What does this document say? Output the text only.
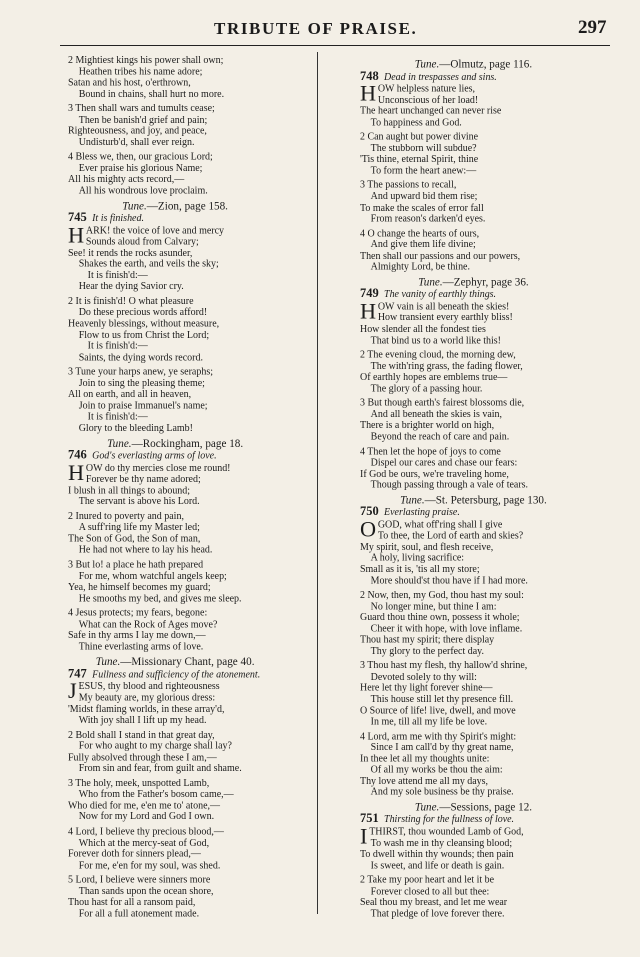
TRIBUTE OF PRAISE.	297
2 Mightiest kings his power shall own;
Heathen tribes his name adore;
Satan and his host, o'erthrown,
Bound in chains, shall hurt no more.
3 Then shall wars and tumults cease;
Then be banish'd grief and pain;
Righteousness, and joy, and peace,
Undisturb'd, shall ever reign.
4 Bless we, then, our gracious Lord;
Ever praise his glorious Name;
All his mighty acts record,—
All his wondrous love proclaim.
Tune.—Zion, page 158.
745 It is finished.
H ARK! the voice of love and mercy
Sounds aloud from Calvary;
See! it rends the rocks asunder,
Shakes the earth, and veils the sky;
It is finish'd:—
Hear the dying Savior cry.
2 It is finish'd! O what pleasure
Do these precious words afford!
Heavenly blessings, without measure,
Flow to us from Christ the Lord;
It is finish'd:—
Saints, the dying words record.
3 Tune your harps anew, ye seraphs;
Join to sing the pleasing theme;
All on earth, and all in heaven,
Join to praise Immanuel's name;
It is finish'd:—
Glory to the bleeding Lamb!
Tune.—Rockingham, page 18.
746 God's everlasting arms of love.
H OW do thy mercies close me round!
Forever be thy name adored;
I blush in all things to abound;
The servant is above his Lord.
2 Inured to poverty and pain,
A suff'ring life my Master led;
The Son of God, the Son of man,
He had not where to lay his head.
3 But lo! a place he hath prepared
For me, whom watchful angels keep;
Yea, he himself becomes my guard;
He smooths my bed, and gives me sleep.
4 Jesus protects; my fears, begone:
What can the Rock of Ages move?
Safe in thy arms I lay me down,—
Thine everlasting arms of love.
Tune.—Missionary Chant, page 40.
747 Fullness and sufficiency of the atonement.
J ESUS, thy blood and righteousness
My beauty are, my glorious dress:
'Midst flaming worlds, in these array'd,
With joy shall I lift up my head.
2 Bold shall I stand in that great day,
For who aught to my charge shall lay?
Fully absolved through these I am,—
From sin and fear, from guilt and shame.
3 The holy, meek, unspotted Lamb,
Who from the Father's bosom came,—
Who died for me, e'en me to' atone,—
Now for my Lord and God I own.
4 Lord, I believe thy precious blood,—
Which at the mercy-seat of God,
Forever doth for sinners plead,—
For me, e'en for my soul, was shed.
5 Lord, I believe were sinners more
Than sands upon the ocean shore,
Thou hast for all a ransom paid,
For all a full atonement made.
Tune.—Olmutz, page 116.
748 Dead in trespasses and sins.
H OW helpless nature lies,
Unconscious of her load!
The heart unchanged can never rise
To happiness and God.
2 Can aught but power divine
The stubborn will subdue?
'Tis thine, eternal Spirit, thine
To form the heart anew:—
3 The passions to recall,
And upward bid them rise;
To make the scales of error fall
From reason's darken'd eyes.
4 O change the hearts of ours,
And give them life divine;
Then shall our passions and our powers,
Almighty Lord, be thine.
Tune.—Zephyr, page 36.
749 The vanity of earthly things.
H OW vain is all beneath the skies!
How transient every earthly bliss!
How slender all the fondest ties
That bind us to a world like this!
2 The evening cloud, the morning dew,
The with'ring grass, the fading flower,
Of earthly hopes are emblems true—
The glory of a passing hour.
3 But though earth's fairest blossoms die,
And all beneath the skies is vain,
There is a brighter world on high,
Beyond the reach of care and pain.
4 Then let the hope of joys to come
Dispel our cares and chase our fears:
If God be ours, we're traveling home,
Though passing through a vale of tears.
Tune.—St. Petersburg, page 130.
750 Everlasting praise.
O GOD, what off'ring shall I give
To thee, the Lord of earth and skies?
My spirit, soul, and flesh receive,
A holy, living sacrifice:
Small as it is, 'tis all my store;
More should'st thou have if I had more.
2 Now, then, my God, thou hast my soul:
No longer mine, but thine I am:
Guard thou thine own, possess it whole;
Cheer it with hope, with love inflame.
Thou hast my spirit; there display
Thy glory to the perfect day.
3 Thou hast my flesh, thy hallow'd shrine,
Devoted solely to thy will:
Here let thy light forever shine—
This house still let thy presence fill.
O Source of life! live, dwell, and move
In me, till all my life be love.
4 Lord, arm me with thy Spirit's might:
Since I am call'd by thy great name,
In thee let all my thoughts unite:
Of all my works be thou the aim:
Thy love attend me all my days,
And my sole business be thy praise.
Tune.—Sessions, page 12.
751 Thirsting for the fullness of love.
I THIRST, thou wounded Lamb of God,
To wash me in thy cleansing blood;
To dwell within thy wounds; then pain
Is sweet, and life or death is gain.
2 Take my poor heart and let it be
Forever closed to all but thee:
Seal thou my breast, and let me wear
That pledge of love forever there.
